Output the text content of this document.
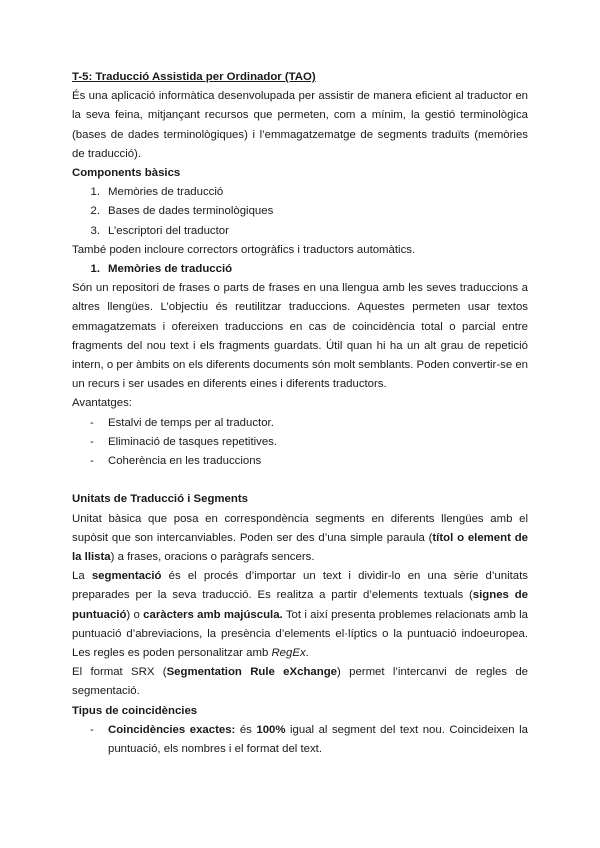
T-5: Traducció Assistida per Ordinador (TAO)

És una aplicació informàtica desenvolupada per assistir de manera eficient al traductor en la seva feina, mitjançant recursos que permeten, com a mínim, la gestió terminològica (bases de dades terminològiques) i l’emmagatzematge de segments traduïts (memòries de traducció).

Components bàsics

1. Memòries de traducció
2. Bases de dades terminològiques
3. L’escriptori del traductor

També poden incloure correctors ortogràfics i traductors automàtics.

1. Memòries de traducció

Són un repositori de frases o parts de frases en una llengua amb les seves traduccions a altres llengües. L’objectiu és reutilitzar traduccions. Aquestes permeten usar textos emmagatzemats i ofereixen traduccions en cas de coincidència total o parcial entre fragments del nou text i els fragments guardats. Útil quan hi ha un alt grau de repetició intern, o per àmbits on els diferents documents són molt semblants. Poden convertir-se en un recurs i ser usades en diferents eines i diferents traductors.

Avantatges:

-	Estalvi de temps per al traductor.
-	Eliminació de tasques repetitives.
-	Coherència en les traduccions

Unitats de Traducció i Segments

Unitat bàsica que posa en correspondència segments en diferents llengües amb el supòsit que son intercanviables. Poden ser des d’una simple paraula (títol o element de la llista) a frases, oracions o paràgrafs sencers.

La segmentació és el procés d’importar un text i dividir-lo en una sèrie d’unitats preparades per la seva traducció. Es realitza a partir d’elements textuals (signes de puntuació) o caràcters amb majúscula. Tot i així presenta problemes relacionats amb la puntuació d’abreviacions, la presència d’elements el·líptics o la puntuació indoeuropea. Les regles es poden personalitzar amb RegEx.

El format SRX (Segmentation Rule eXchange) permet l’intercanvi de regles de segmentació.

Tipus de coincidències

-	Coincidències exactes: és 100% igual al segment del text nou. Coincideixen la puntuació, els nombres i el format del text.
